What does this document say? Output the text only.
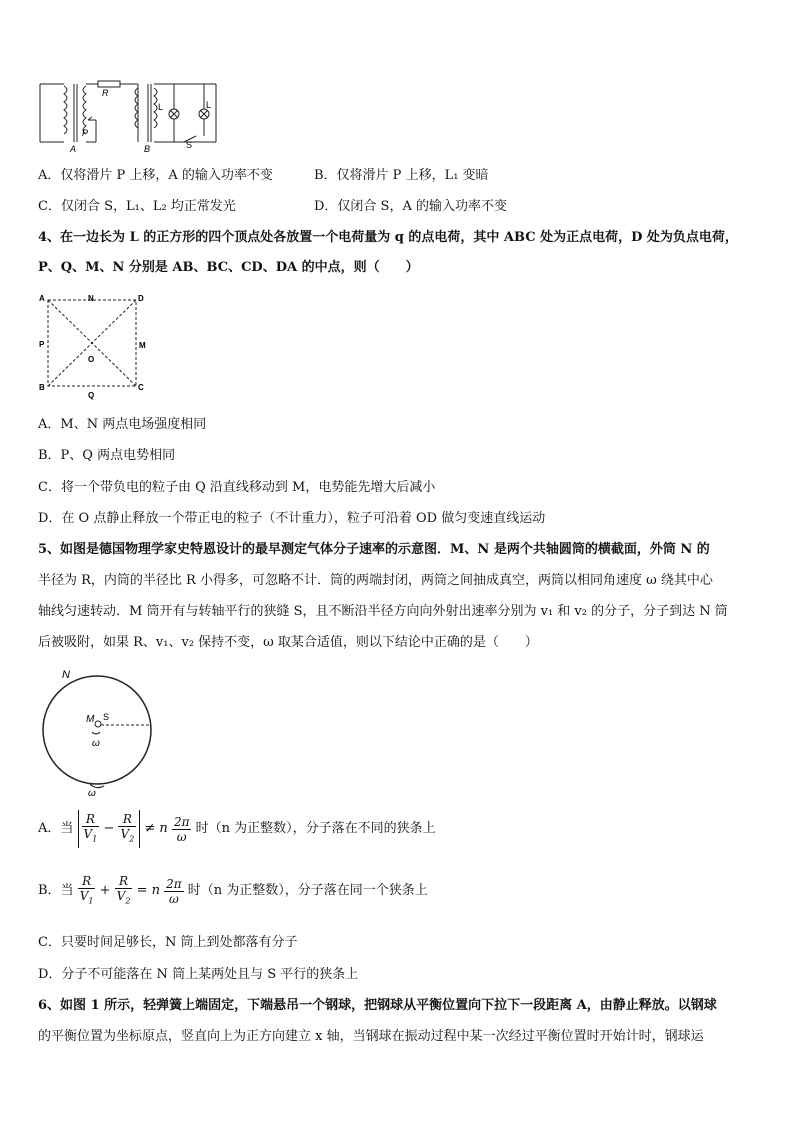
R
P
A	B
L	L
S
A．仅将滑片 P 上移，A 的输入功率不变	B．仅将滑片 P 上移，L₁ 变暗
C．仅闭合 S，L₁、L₂ 均正常发光	D．仅闭合 S，A 的输入功率不变
4、在一边长为 L 的正方形的四个顶点处各放置一个电荷量为 q 的点电荷，其中 ABC 处为正点电荷，D 处为负点电荷，
P、Q、M、N 分别是 AB、BC、CD、DA 的中点，则（　　）
A	N	D
P	M
O
B
Q
C
A．M、N 两点电场强度相同
B．P、Q 两点电势相同
C．将一个带负电的粒子由 Q 沿直线移动到 M，电势能先增大后减小
D．在 O 点静止释放一个带正电的粒子（不计重力），粒子可沿着 OD 做匀变速直线运动
5、如图是德国物理学家史特恩设计的最早测定气体分子速率的示意图．M、N 是两个共轴圆筒的横截面，外筒 N 的
半径为 R，内筒的半径比 R 小得多，可忽略不计．筒的两端封闭，两筒之间抽成真空，两筒以相同角速度 ω 绕其中心
轴线匀速转动．M 筒开有与转轴平行的狭缝 S，且不断沿半径方向向外射出速率分别为 v₁ 和 v₂ 的分子，分子到达 N 筒
后被吸附，如果 R、v₁、v₂ 保持不变，ω 取某合适值，则以下结论中正确的是（　　）
N
M S
ω
ω
A．当 $\frac{R}{V_1} - \frac{R}{V_2} \ne n \frac{2\pi}{\omega}$ 时（n 为正整数），分子落在不同的狭条上
B．当 $\frac{R}{V_1} + \frac{R}{V_2} = n \frac{2\pi}{\omega}$ 时（n 为正整数），分子落在同一个狭条上
C．只要时间足够长，N 筒上到处都落有分子
D．分子不可能落在 N 筒上某两处且与 S 平行的狭条上
6、如图 1 所示，轻弹簧上端固定，下端悬吊一个钢球，把钢球从平衡位置向下拉下一段距离 A，由静止释放。以钢球
的平衡位置为坐标原点，竖直向上为正方向建立 x 轴，当钢球在振动过程中某一次经过平衡位置时开始计时，钢球运
